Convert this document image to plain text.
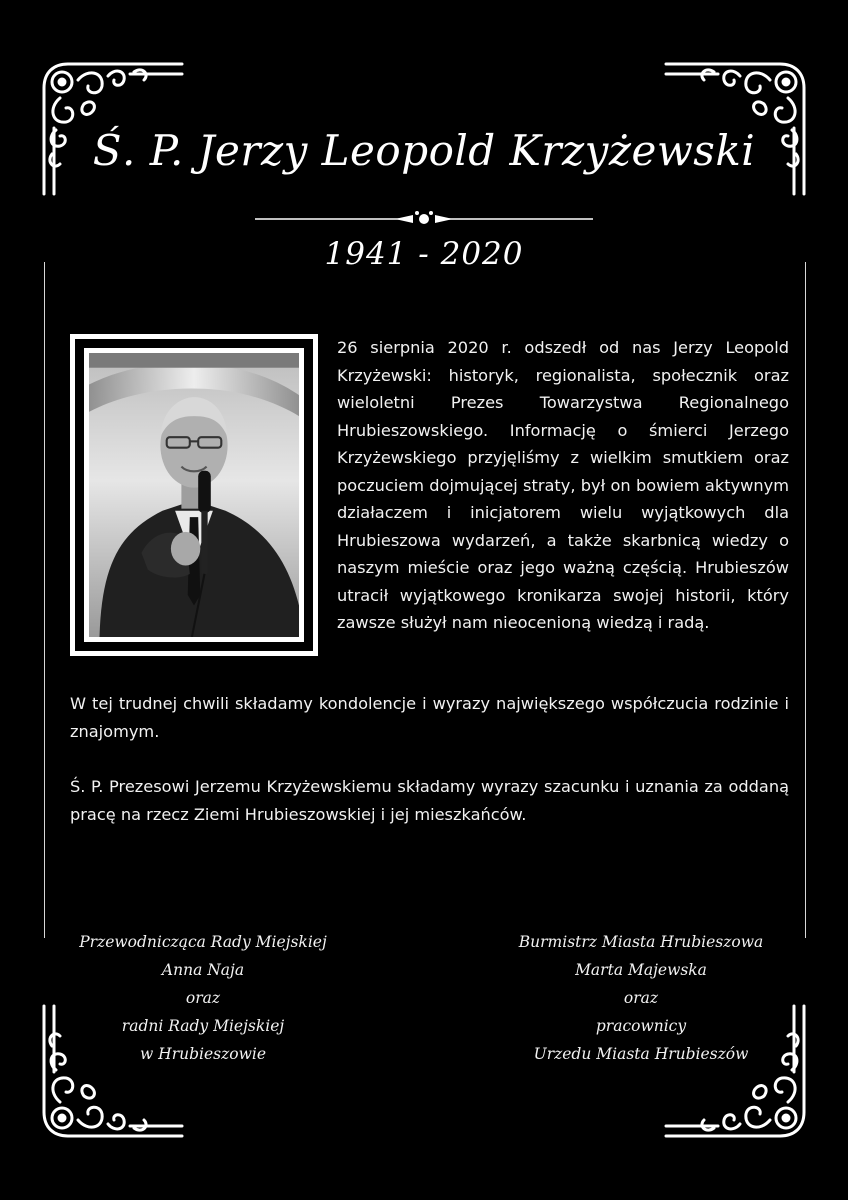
Ś. P. Jerzy Leopold Krzyżewski
1941 - 2020

26 sierpnia 2020 r. odszedł od nas Jerzy Leopold Krzyżewski: historyk, regionalista, społecznik oraz wieloletni Prezes Towarzystwa Regionalnego Hrubieszowskiego. Informację o śmierci Jerzego Krzyżewskiego przyjęliśmy z wielkim smutkiem oraz poczuciem dojmującej straty, był on bowiem aktywnym działaczem i inicjatorem wielu wyjątkowych dla Hrubieszowa wydarzeń, a także skarbnicą wiedzy o naszym mieście oraz jego ważną częścią. Hrubieszów utracił wyjątkowego kronikarza swojej historii, który zawsze służył nam nieocenioną wiedzą i radą.

W tej trudnej chwili składamy kondolencje i wyrazy największego współczucia rodzinie i znajomym.

Ś. P. Prezesowi Jerzemu Krzyżewskiemu składamy wyrazy szacunku i uznania za oddaną pracę na rzecz Ziemi Hrubieszowskiej i jej mieszkańców.

Przewodnicząca Rady Miejskiej
Anna Naja
oraz
radni Rady Miejskiej
w Hrubieszowie
Burmistrz Miasta Hrubieszowa
Marta Majewska
oraz
pracownicy
Urzedu Miasta Hrubieszów
